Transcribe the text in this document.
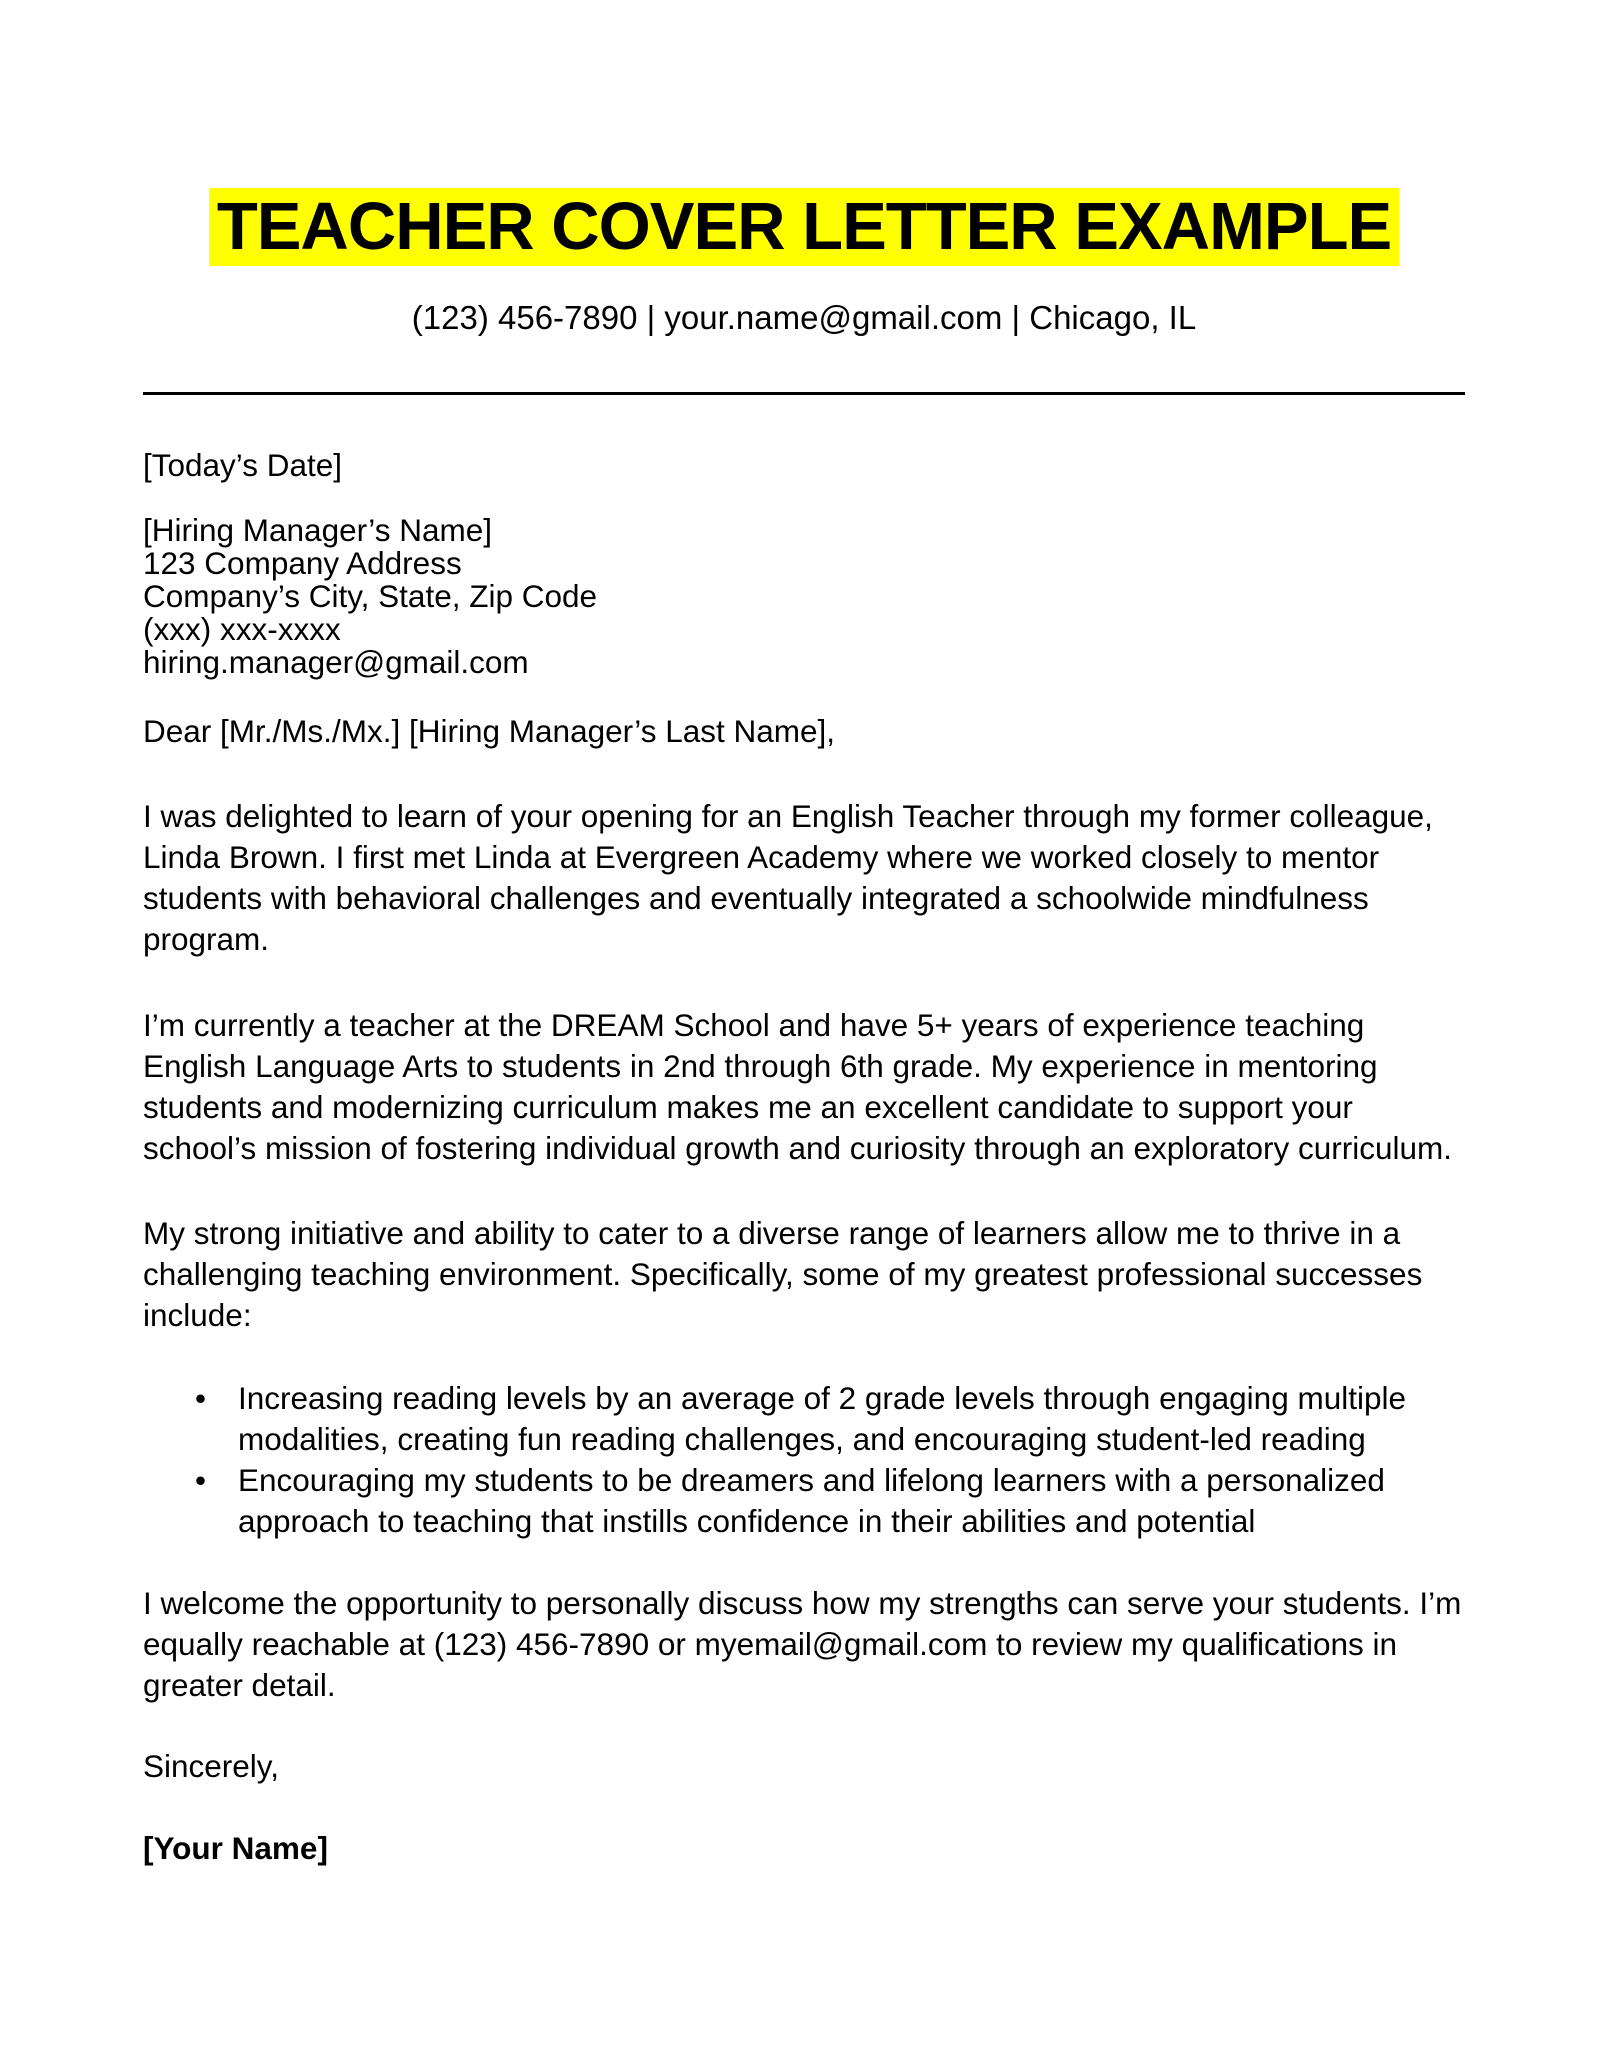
TEACHER COVER LETTER EXAMPLE
(123) 456-7890 | your.name@gmail.com | Chicago, IL

[Today’s Date]

[Hiring Manager’s Name]

123 Company Address

Company’s City, State, Zip Code

(xxx) xxx-xxxx

hiring.manager@gmail.com

Dear [Mr./Ms./Mx.] [Hiring Manager’s Last Name],

I was delighted to learn of your opening for an English Teacher through my former colleague, Linda Brown. I first met Linda at Evergreen Academy where we worked closely to mentor students with behavioral challenges and eventually integrated a schoolwide mindfulness program.

I’m currently a teacher at the DREAM School and have 5+ years of experience teaching English Language Arts to students in 2nd through 6th grade. My experience in mentoring students and modernizing curriculum makes me an excellent candidate to support your school’s mission of fostering individual growth and curiosity through an exploratory curriculum.

My strong initiative and ability to cater to a diverse range of learners allow me to thrive in a challenging teaching environment. Specifically, some of my greatest professional successes include:

• Increasing reading levels by an average of 2 grade levels through engaging multiple modalities, creating fun reading challenges, and encouraging student-led reading
• Encouraging my students to be dreamers and lifelong learners with a personalized approach to teaching that instills confidence in their abilities and potential

I welcome the opportunity to personally discuss how my strengths can serve your students. I’m equally reachable at (123) 456-7890 or myemail@gmail.com to review my qualifications in greater detail.

Sincerely,

[Your Name]
